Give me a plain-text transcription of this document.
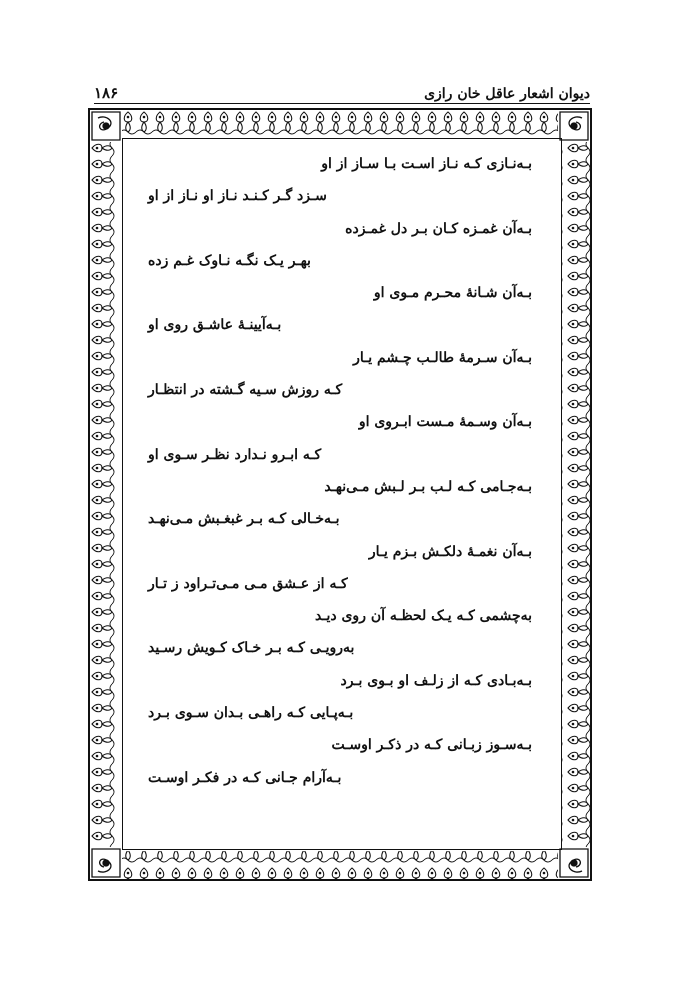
۱۸۶	دیوان اشعار عاقل خان رازی
بـه‌نـازی کـه نـاز اسـت بـا سـاز از او
سـزد گـر کـنـد نـاز او نـاز از او
بـه‌آن غمـزه کـان بـر دل غمـزده
بهـر یـک نگـه نـاوک غـم زده
بـه‌آن شـانهٔ محـرم مـوی او
بـه‌آیینـهٔ عاشـق روی او
بـه‌آن سـرمهٔ طالـب چـشم یـار
کـه روزش سـیه گـشته در انتظـار
بـه‌آن وسـمهٔ مـست ابـروی او
کـه ابـرو نـدارد نظـر سـوی او
بـه‌جـامی کـه لـب بـر لـبش مـی‌نهـد
بـه‌خـالی کـه بـر غبغـبش مـی‌نهـد
بـه‌آن نغمـهٔ دلکـش بـزم یـار
کـه از عـشق مـی مـی‌تـراود ز تـار
به‌چشمی کـه یـک لحظـه آن روی دیـد
به‌رویـی کـه بـر خـاک کـویش رسـید
بـه‌بـادی کـه از زلـف او بـوی بـرد
بـه‌پـایی کـه راهـی بـدان سـوی بـرد
بـه‌سـوز زبـانی کـه در ذکـر اوسـت
بـه‌آرام جـانی کـه در فکـر اوسـت
